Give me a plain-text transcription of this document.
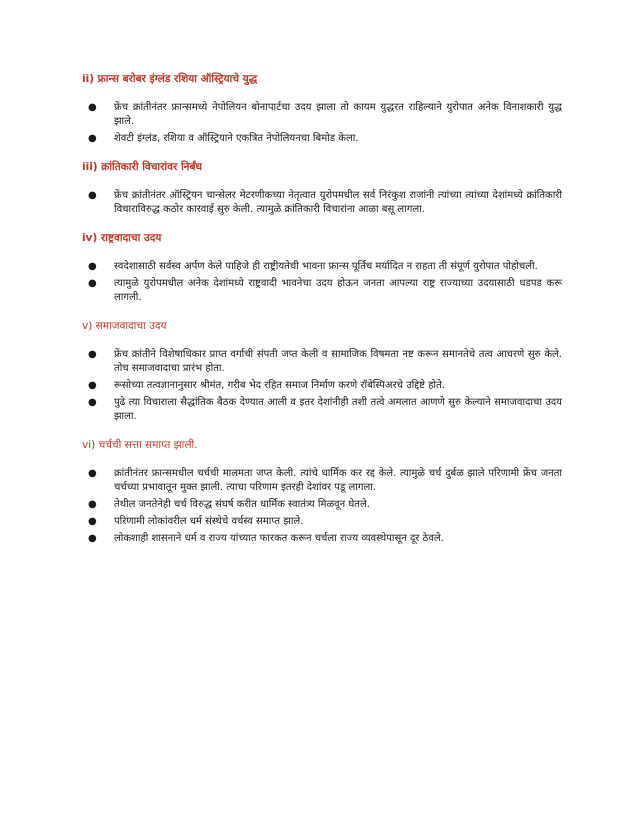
ii) फ्रान्स बरोबर इंग्लंड रशिया ऑस्ट्रियाचे युद्ध
● फ्रेंच क्रांतीनंतर फ्रान्समध्ये नेपोलियन बोनापार्टचा उदय झाला तो कायम युद्धरत राहिल्याने युरोपात अनेक विनाशकारी युद्ध झाले.
● शेवटी इंग्लंड, रशिया व ऑस्ट्रियाने एकत्रित नेपोलियनचा बिमोड केला.
iii) क्रांतिकारी विचारांवर निर्बंध
● फ्रेंच क्रांतीनंतर ऑस्ट्रियन चान्सेलर मेटरणीकच्या नेतृत्वात युरोपमधील सर्व निरंकुश राजांनी त्यांच्या त्यांच्या देशांमध्ये क्रांतिकारी विचाराविरुद्ध कठोर कारवाई सुरु केली. त्यामुळे क्रांतिकारी विचारांना आळा बसू लागला.
iv) राष्ट्रवादाचा उदय
● स्वदेशासाठी सर्वस्व अर्पण केले पाहिजे ही राष्ट्रीयतेची भावना फ्रान्स पूर्तिच मर्यादित न राहता ती संपूर्ण युरोपात पोहोचली.
● त्यामुळे युरोपमधील अनेक देशांमध्ये राष्ट्रवादी भावनेचा उदय होऊन जनता आपल्या राष्ट्र राज्याच्या उदयासाठी धडपड करू लागली.
v) समाजवादाचा उदय
● फ्रेंच क्रांतीने विशेषाधिकार प्राप्त वर्गाची संपती जप्त केली व सामाजिक विषमता नष्ट करून समानतेचे तत्व आचरणे सुरु केले. तोच समाजवादाचा प्रारंभ होता.
● रूसोच्या तत्वज्ञानानुसार श्रीमंत, गरीब भेद रहित समाज निर्माण करणे रॉबेस्पिअरचे उद्दिष्टे होते.
● पुढे त्या विचाराला सैद्धांतिक बैठक देण्यात आली व इतर देशांनीही तशी तत्वे अमलात आणणे सुरु केल्याने समाजवादाचा उदय झाला.
vi) चर्चची सत्ता समाप्त झाली.
● क्रांतीनंतर फ्रान्समधील चर्चची मालमता जप्त केली. त्यांचे धार्मिक कर रद्द केले. त्यामुळे चर्च दुर्बळ झाले परिणामी फ्रेंच जनता चर्चच्या प्रभावातून मुक्त झाली. त्याचा परिणाम इतरही देशांवर पडू लागला.
● तेथील जनतेनेही चर्च विरुद्ध संघर्ष करीत धार्मिक स्वातंत्र्य मिळवून घेतले.
● परिणामी लोकांवरील धर्म संस्थेचे वर्चस्व समाप्त झाले.
● लोकशाही शासनाने धर्म व राज्य यांच्यात फारकत करून चर्चला राज्य व्यवस्थेपासून दूर ठेवले.
